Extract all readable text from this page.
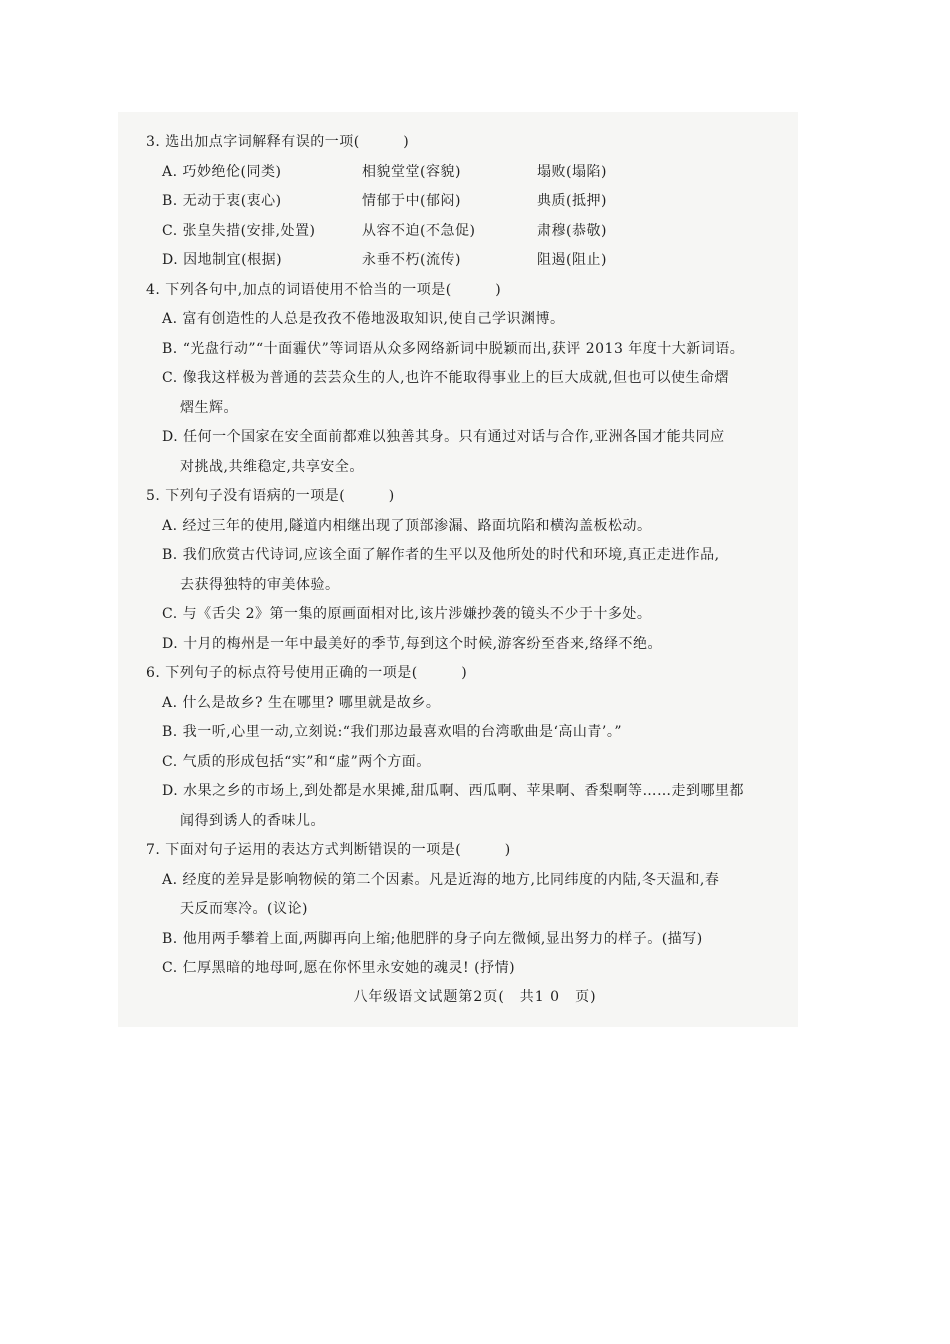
3. 选出加点字词解释有误的一项(　　　)
A. 巧妙绝伦(同类)	相貌堂堂(容貌)	塌败(塌陷)
B. 无动于衷(衷心)	情郁于中(郁闷)	典质(抵押)
C. 张皇失措(安排,处置)	从容不迫(不急促)	肃穆(恭敬)
D. 因地制宜(根据)	永垂不朽(流传)	阻遏(阻止)
4. 下列各句中,加点的词语使用不恰当的一项是(　　　)
A. 富有创造性的人总是孜孜不倦地汲取知识,使自己学识渊博。
B. “光盘行动”“十面霾伏”等词语从众多网络新词中脱颖而出,获评 2013 年度十大新词语。
C. 像我这样极为普通的芸芸众生的人,也许不能取得事业上的巨大成就,但也可以使生命熠
熠生辉。
D. 任何一个国家在安全面前都难以独善其身。只有通过对话与合作,亚洲各国才能共同应
对挑战,共维稳定,共享安全。
5. 下列句子没有语病的一项是(　　　)
A. 经过三年的使用,隧道内相继出现了顶部渗漏、路面坑陷和横沟盖板松动。
B. 我们欣赏古代诗词,应该全面了解作者的生平以及他所处的时代和环境,真正走进作品,
去获得独特的审美体验。
C. 与《舌尖 2》第一集的原画面相对比,该片涉嫌抄袭的镜头不少于十多处。
D. 十月的梅州是一年中最美好的季节,每到这个时候,游客纷至沓来,络绎不绝。
6. 下列句子的标点符号使用正确的一项是(　　　)
A. 什么是故乡? 生在哪里? 哪里就是故乡。
B. 我一听,心里一动,立刻说:“我们那边最喜欢唱的台湾歌曲是‘高山青’。”
C. 气质的形成包括“实”和“虚”两个方面。
D. 水果之乡的市场上,到处都是水果摊,甜瓜啊、西瓜啊、苹果啊、香梨啊等……走到哪里都
闻得到诱人的香味儿。
7. 下面对句子运用的表达方式判断错误的一项是(　　　)
A. 经度的差异是影响物候的第二个因素。凡是近海的地方,比同纬度的内陆,冬天温和,春
天反而寒冷。(议论)
B. 他用两手攀着上面,两脚再向上缩;他肥胖的身子向左微倾,显出努力的样子。(描写)
C. 仁厚黑暗的地母呵,愿在你怀里永安她的魂灵! (抒情)
八年级语文试题第2页(　共1 0　页)
